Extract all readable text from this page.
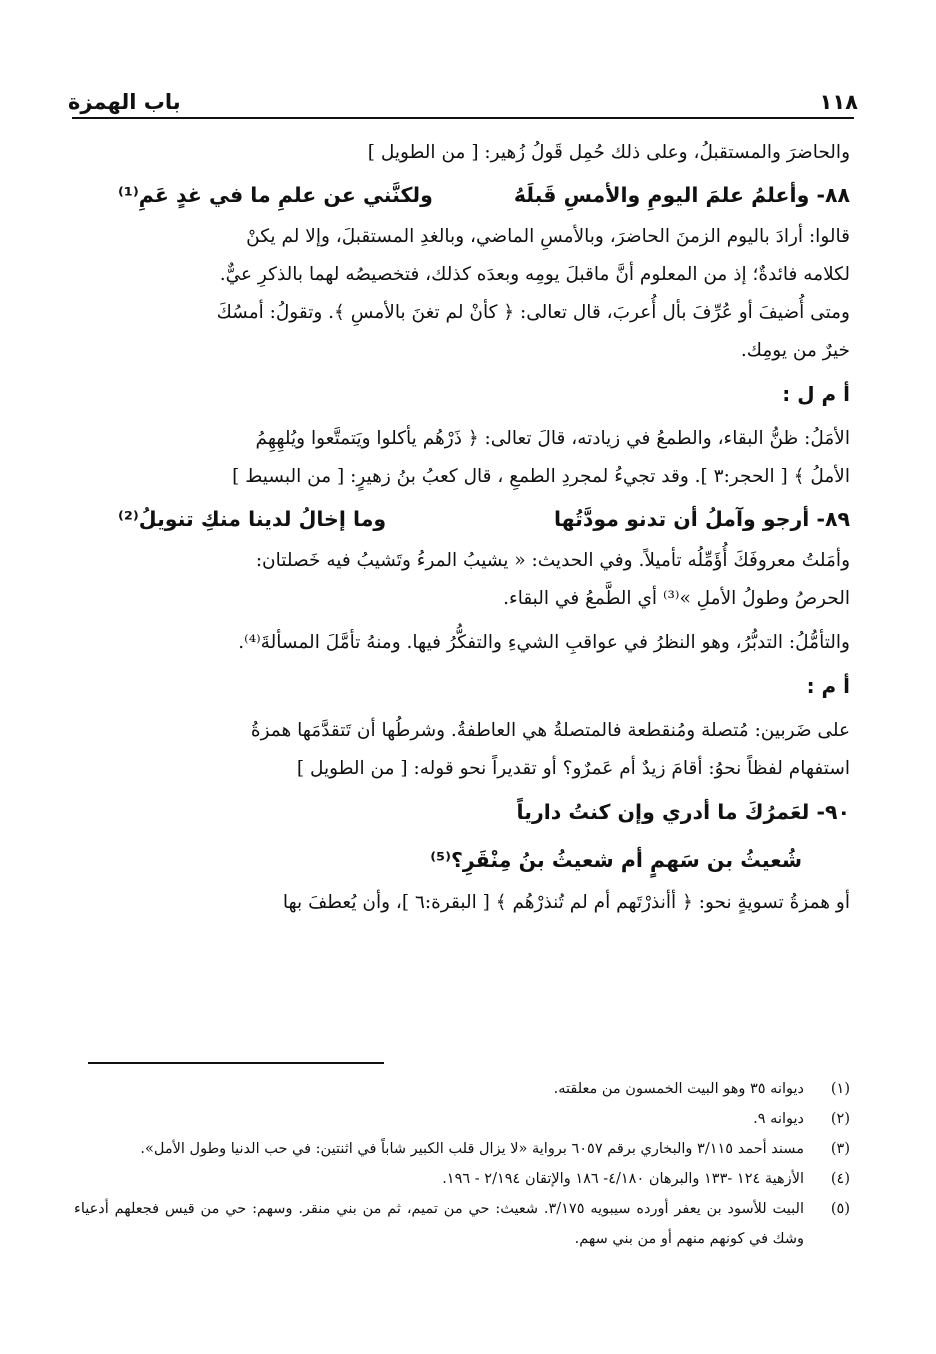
١١٨
باب الهمزة
والحاضرَ والمستقبلُ، وعلى ذلك حُمِل قَولُ زُهير: [ من الطويل ]
٨٨- وأعلمُ علمَ اليومِ والأمسِ قَبلَهُ
ولكنَّني عن علمِ ما في غدٍ عَمِ⁽¹⁾
قالوا: أرادَ باليوم الزمنَ الحاضرَ، وبالأمسِ الماضي، وبالغدِ المستقبلَ، وإلا لم يكنْ
لكلامه فائدةٌ؛ إذ من المعلوم أنَّ ماقبلَ يومِه وبعدَه كذلك، فتخصيصُه لهما بالذكرِ عيٌّ.
ومتى أُضيفَ أو عُرِّفَ بأل أُعربَ، قال تعالى: ﴿ كأنْ لم تغنَ بالأمسِ ﴾. وتقولُ: أمسُكَ
خيرٌ من يومِك.
أ م ل :
الأمَلُ: ظنُّ البقاء، والطمعُ في زيادته، قالَ تعالى: ﴿ ذَرْهُم يأكلوا ويَتمتَّعوا ويُلهِهِمُ
الأملُ ﴾ [ الحجر:٣ ]. وقد تجيءُ لمجردِ الطمعِ ، قال كعبُ بنُ زهيرٍ: [ من البسيط ]
٨٩- أرجو وآملُ أن تدنو مودَّتُها
وما إخالُ لدينا منكِ تنويلُ⁽²⁾
وأمَلتُ معروفَكَ أُؤَمِّلُه تأميلاً. وفي الحديث: « يشيبُ المرءُ وتَشيبُ فيه خَصلتان:
الحرصُ وطولُ الأملِ »⁽³⁾ أي الطَّمعُ في البقاء.
والتأمُّلُ: التدبُّرُ، وهو النظرُ في عواقبِ الشيءِ والتفكُّرُ فيها. ومنهُ تأمَّلَ المسألةَ⁽⁴⁾.
أ م :
على ضَربين: مُتصلة ومُنقطعة فالمتصلةُ هي العاطفةُ. وشرطُها أن تَتقدَّمَها همزةُ
استفهام لفظاً نحوُ: أقامَ زيدٌ أم عَمرٌو؟ أو تقديراً نحو قوله: [ من الطويل ]
٩٠- لعَمرُكَ ما أدري وإن كنتُ دارياً
شُعيثُ بن سَهمٍ أم شعيثُ بنُ مِنْقَرِ؟⁽⁵⁾
أو همزةُ تسويةٍ نحو: ﴿ أأنذرْتَهم أم لم تُنذرْهُم ﴾ [ البقرة:٦ ]، وأن يُعطفَ بها
(١)
ديوانه ٣٥ وهو البيت الخمسون من معلقته.
(٢)
ديوانه ٩.
(٣)
مسند أحمد ٣/١١٥ والبخاري برقم ٦٠٥٧ برواية «لا يزال قلب الكبير شاباً في اثنتين: في حب الدنيا وطول الأمل».
(٤)
الأزهية ١٢٤ -١٣٣ والبرهان ٤/١٨٠- ١٨٦ والإتقان ٢/١٩٤ - ١٩٦.
(٥)
البيت للأسود بن يعفر أورده سيبويه ٣/١٧٥. شعيث: حي من تميم، ثم من بني منقر. وسهم: حي من قيس فجعلهم أدعياء وشك في كونهم منهم أو من بني سهم.
